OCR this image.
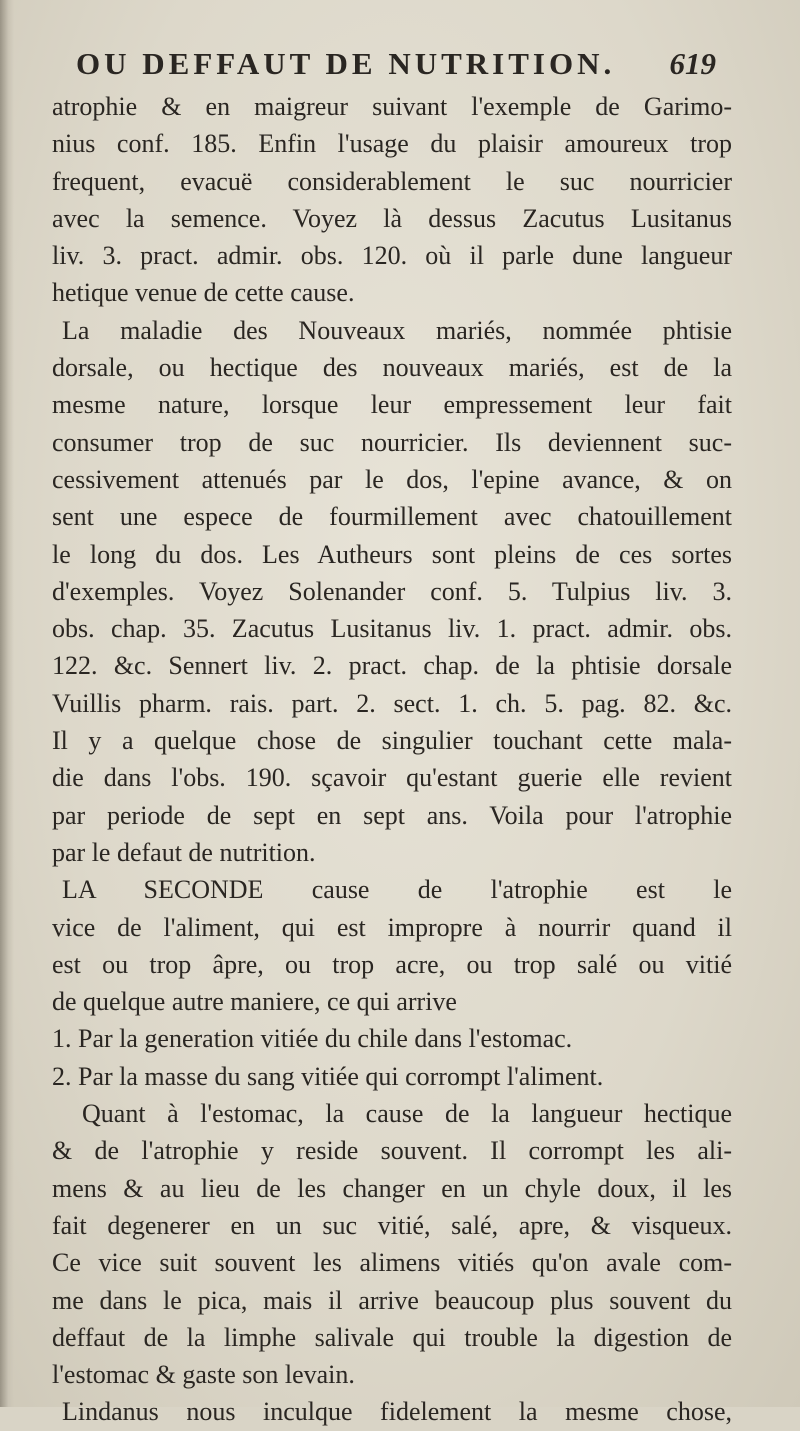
OU DEFFAUT DE NUTRITION. 619
atrophie & en maigreur suivant l'exemple de Garimo-
nius conf. 185. Enfin l'usage du plaisir amoureux trop
frequent, evacuë considerablement le suc nourricier
avec la semence. Voyez là dessus Zacutus Lusitanus
liv. 3. pract. admir. obs. 120. où il parle dune langueur
hetique venue de cette cause.
La maladie des Nouveaux mariés, nommée phtisie
dorsale, ou hectique des nouveaux mariés, est de la
mesme nature, lorsque leur empressement leur fait
consumer trop de suc nourricier. Ils deviennent suc-
cessivement attenués par le dos, l'epine avance, & on
sent une espece de fourmillement avec chatouillement
le long du dos. Les Autheurs sont pleins de ces sortes
d'exemples. Voyez Solenander conf. 5. Tulpius liv. 3.
obs. chap. 35. Zacutus Lusitanus liv. 1. pract. admir. obs.
122. &c. Sennert liv. 2. pract. chap. de la phtisie dorsale
Vuillis pharm. rais. part. 2. sect. 1. ch. 5. pag. 82. &c.
Il y a quelque chose de singulier touchant cette mala-
die dans l'obs. 190. sçavoir qu'estant guerie elle revient
par periode de sept en sept ans. Voila pour l'atrophie
par le defaut de nutrition.
LA SECONDE cause de l'atrophie est le
vice de l'aliment, qui est impropre à nourrir quand il
est ou trop âpre, ou trop acre, ou trop salé ou vitié
de quelque autre maniere, ce qui arrive
1. Par la generation vitiée du chile dans l'estomac.
2. Par la masse du sang vitiée qui corrompt l'aliment.
Quant à l'estomac, la cause de la langueur hectique
& de l'atrophie y reside souvent. Il corrompt les ali-
mens & au lieu de les changer en un chyle doux, il les
fait degenerer en un suc vitié, salé, apre, & visqueux.
Ce vice suit souvent les alimens vitiés qu'on avale com-
me dans le pica, mais il arrive beaucoup plus souvent du
deffaut de la limphe salivale qui trouble la digestion de
l'estomac & gaste son levain.
Lindanus nous inculque fidelement la mesme chose,
